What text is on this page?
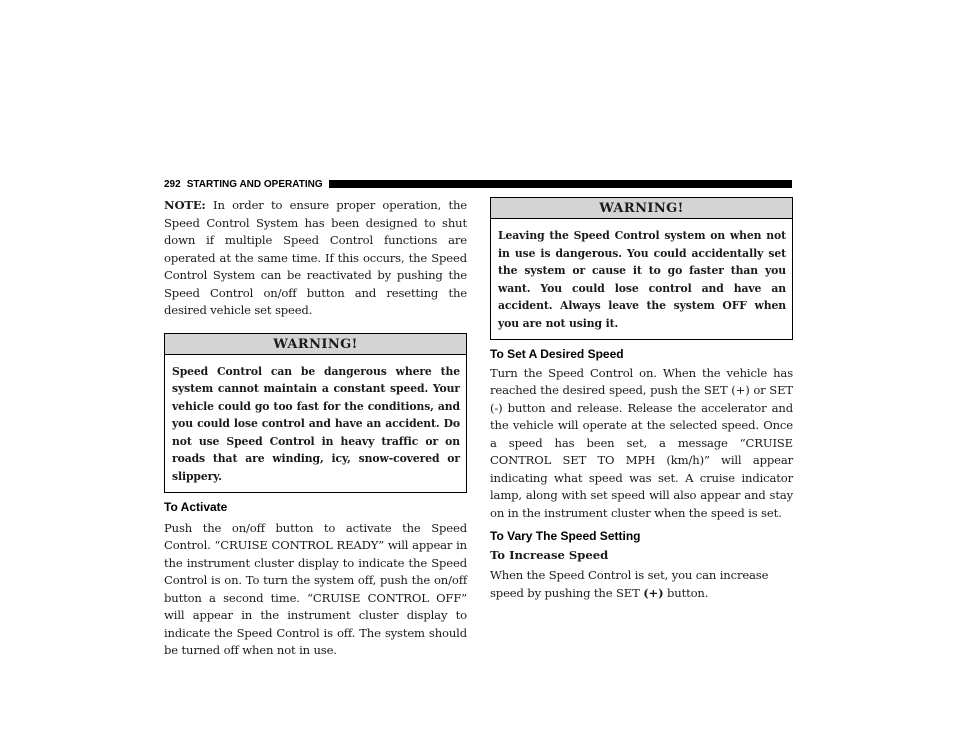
292 STARTING AND OPERATING

NOTE: In order to ensure proper operation, the Speed Control System has been designed to shut down if multiple Speed Control functions are operated at the same time. If this occurs, the Speed Control System can be reactivated by pushing the Speed Control on/off button and resetting the desired vehicle set speed.

WARNING!
Speed Control can be dangerous where the system cannot maintain a constant speed. Your vehicle could go too fast for the conditions, and you could lose control and have an accident. Do not use Speed Control in heavy traffic or on roads that are winding, icy, snow-covered or slippery.
To Activate

Push the on/off button to activate the Speed Control. “CRUISE CONTROL READY” will appear in the instrument cluster display to indicate the Speed Control is on. To turn the system off, push the on/off button a second time. “CRUISE CONTROL OFF” will appear in the instrument cluster display to indicate the Speed Control is off. The system should be turned off when not in use.

WARNING!
Leaving the Speed Control system on when not in use is dangerous. You could accidentally set the system or cause it to go faster than you want. You could lose control and have an accident. Always leave the system OFF when you are not using it.
To Set A Desired Speed

Turn the Speed Control on. When the vehicle has reached the desired speed, push the SET (+) or SET (-) button and release. Release the accelerator and the vehicle will operate at the selected speed. Once a speed has been set, a message “CRUISE CONTROL SET TO MPH (km/h)” will appear indicating what speed was set. A cruise indicator lamp, along with set speed will also appear and stay on in the instrument cluster when the speed is set.

To Vary The Speed Setting
To Increase Speed

When the Speed Control is set, you can increase speed by pushing the SET (+) button.
